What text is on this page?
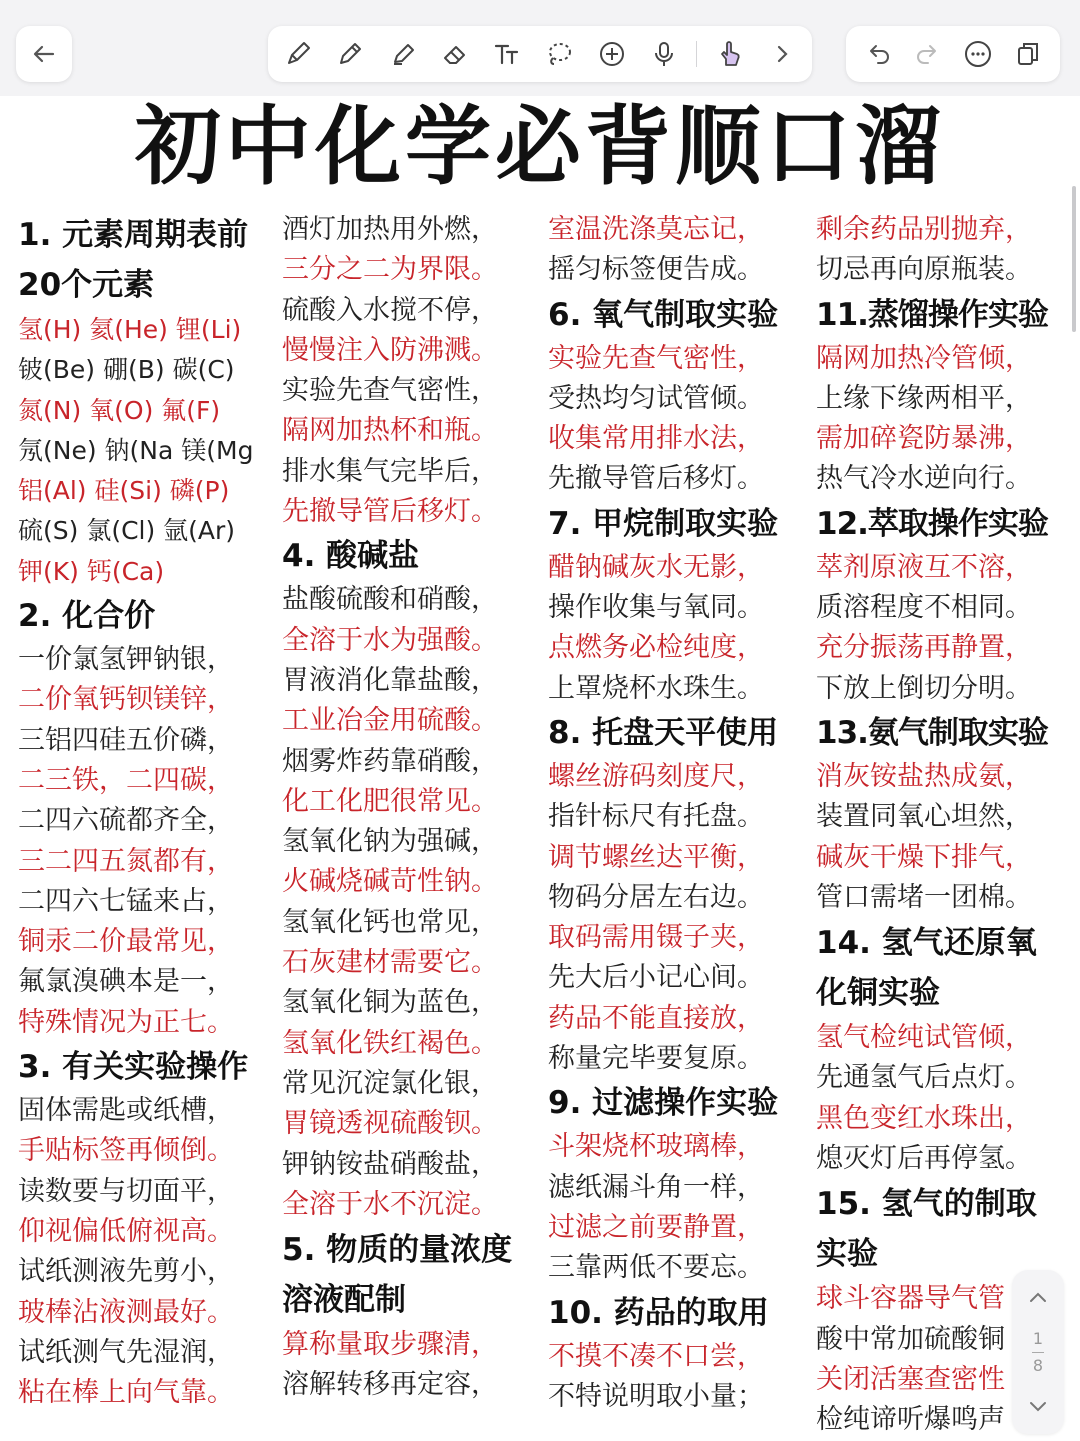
初中化学必背顺口溜
1. 元素周期表前20个元素
氢(H) 氦(He) 锂(Li)
铍(Be) 硼(B) 碳(C)
氮(N) 氧(O) 氟(F)
氖(Ne) 钠(Na 镁(Mg
铝(Al) 硅(Si) 磷(P)
硫(S) 氯(Cl) 氩(Ar)
钾(K) 钙(Ca)
2. 化合价
一价氯氢钾钠银，
二价氧钙钡镁锌，
三铝四硅五价磷，
二三铁，二四碳，
二四六硫都齐全，
三二四五氮都有，
二四六七锰来占，
铜汞二价最常见，
氟氯溴碘本是一，
特殊情况为正七。
3. 有关实验操作
固体需匙或纸槽，
手贴标签再倾倒。
读数要与切面平，
仰视偏低俯视高。
试纸测液先剪小，
玻棒沾液测最好。
试纸测气先湿润，
粘在棒上向气靠。
酒灯加热用外燃，
三分之二为界限。
硫酸入水搅不停，
慢慢注入防沸溅。
实验先查气密性，
隔网加热杯和瓶。
排水集气完毕后，
先撤导管后移灯。
4. 酸碱盐
盐酸硫酸和硝酸，
全溶于水为强酸。
胃液消化靠盐酸，
工业冶金用硫酸。
烟雾炸药靠硝酸，
化工化肥很常见。
氢氧化钠为强碱，
火碱烧碱苛性钠。
氢氧化钙也常见，
石灰建材需要它。
氢氧化铜为蓝色，
氢氧化铁红褐色。
常见沉淀氯化银，
胃镜透视硫酸钡。
钾钠铵盐硝酸盐，
全溶于水不沉淀。
5. 物质的量浓度溶液配制
算称量取步骤清，
溶解转移再定容，
室温洗涤莫忘记，
摇匀标签便告成。
6. 氧气制取实验
实验先查气密性，
受热均匀试管倾。
收集常用排水法，
先撤导管后移灯。
7. 甲烷制取实验
醋钠碱灰水无影，
操作收集与氧同。
点燃务必检纯度，
上罩烧杯水珠生。
8. 托盘天平使用
螺丝游码刻度尺，
指针标尺有托盘。
调节螺丝达平衡，
物码分居左右边。
取码需用镊子夹，
先大后小记心间。
药品不能直接放，
称量完毕要复原。
9. 过滤操作实验
斗架烧杯玻璃棒，
滤纸漏斗角一样，
过滤之前要静置，
三靠两低不要忘。
10. 药品的取用
不摸不凑不口尝，
不特说明取小量；
剩余药品别抛弃，
切忌再向原瓶装。
11.蒸馏操作实验
隔网加热冷管倾，
上缘下缘两相平，
需加碎瓷防暴沸，
热气冷水逆向行。
12.萃取操作实验
萃剂原液互不溶，
质溶程度不相同。
充分振荡再静置，
下放上倒切分明。
13.氨气制取实验
消灰铵盐热成氨，
装置同氧心坦然，
碱灰干燥下排气，
管口需堵一团棉。
14. 氢气还原氧化铜实验
氢气检纯试管倾，
先通氢气后点灯。
黑色变红水珠出，
熄灭灯后再停氢。
15. 氢气的制取实验
球斗容器导气管
酸中常加硫酸铜
关闭活塞查密性
检纯谛听爆鸣声
1
8
